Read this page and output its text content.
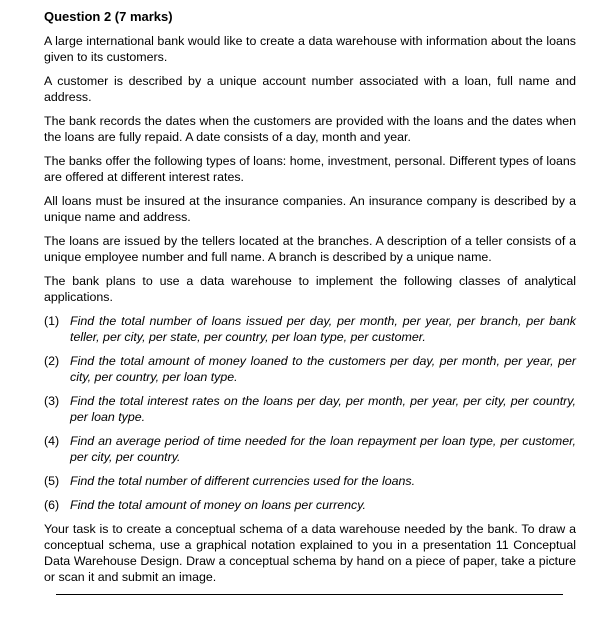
Question 2 (7 marks)

A large international bank would like to create a data warehouse with information about the loans given to its customers.

A customer is described by a unique account number associated with a loan, full name and address.

The bank records the dates when the customers are provided with the loans and the dates when the loans are fully repaid. A date consists of a day, month and year.

The banks offer the following types of loans: home, investment, personal. Different types of loans are offered at different interest rates.

All loans must be insured at the insurance companies. An insurance company is described by a unique name and address.

The loans are issued by the tellers located at the branches. A description of a teller consists of a unique employee number and full name. A branch is described by a unique name.

The bank plans to use a data warehouse to implement the following classes of analytical applications.

(1) Find the total number of loans issued per day, per month, per year, per branch, per bank teller, per city, per state, per country, per loan type, per customer.
(2) Find the total amount of money loaned to the customers per day, per month, per year, per city, per country, per loan type.
(3) Find the total interest rates on the loans per day, per month, per year, per city, per country, per loan type.
(4) Find an average period of time needed for the loan repayment per loan type, per customer, per city, per country.
(5) Find the total number of different currencies used for the loans.
(6) Find the total amount of money on loans per currency.

Your task is to create a conceptual schema of a data warehouse needed by the bank. To draw a conceptual schema, use a graphical notation explained to you in a presentation 11 Conceptual Data Warehouse Design. Draw a conceptual schema by hand on a piece of paper, take a picture or scan it and submit an image.
